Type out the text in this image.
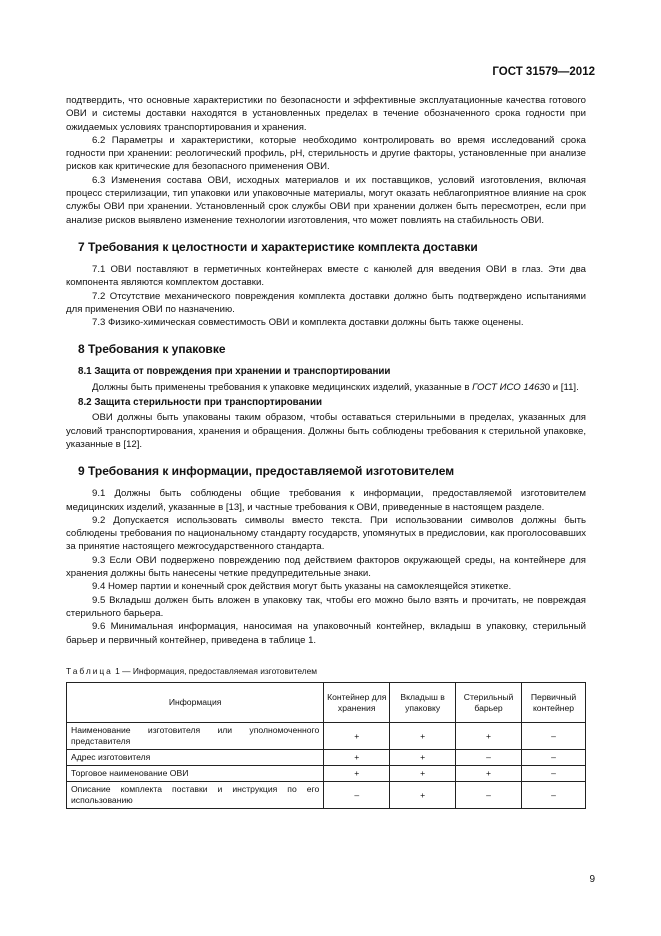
ГОСТ 31579—2012

подтвердить, что основные характеристики по безопасности и эффективные эксплуатационные качества готового ОВИ и системы доставки находятся в установленных пределах в течение обозначенного срока годности при ожидаемых условиях транспортирования и хранения.

6.2 Параметры и характеристики, которые необходимо контролировать во время исследований срока годности при хранении: реологический профиль, pH, стерильность и другие факторы, установленные при анализе рисков как критические для безопасного применения ОВИ.

6.3 Изменения состава ОВИ, исходных материалов и их поставщиков, условий изготовления, включая процесс стерилизации, тип упаковки или упаковочные материалы, могут оказать неблагоприятное влияние на срок службы ОВИ при хранении. Установленный срок службы ОВИ при хранении должен быть пересмотрен, если при анализе рисков выявлено изменение технологии изготовления, что может повлиять на стабильность ОВИ.

7 Требования к целостности и характеристике комплекта доставки

7.1 ОВИ поставляют в герметичных контейнерах вместе с канюлей для введения ОВИ в глаз. Эти два компонента являются комплектом доставки.

7.2 Отсутствие механического повреждения комплекта доставки должно быть подтверждено испытаниями для применения ОВИ по назначению.

7.3 Физико-химическая совместимость ОВИ и комплекта доставки должны быть также оценены.

8 Требования к упаковке
8.1 Защита от повреждения при хранении и транспортировании

Должны быть применены требования к упаковке медицинских изделий, указанные в ГОСТ ИСО 14630 и [11].

8.2 Защита стерильности при транспортировании

ОВИ должны быть упакованы таким образом, чтобы оставаться стерильными в пределах, указанных для условий транспортирования, хранения и обращения. Должны быть соблюдены требования к стерильной упаковке, указанные в [12].

9 Требования к информации, предоставляемой изготовителем

9.1 Должны быть соблюдены общие требования к информации, предоставляемой изготовителем медицинских изделий, указанные в [13], и частные требования к ОВИ, приведенные в настоящем разделе.

9.2 Допускается использовать символы вместо текста. При использовании символов должны быть соблюдены требования по национальному стандарту государств, упомянутых в предисловии, как проголосовавших за принятие настоящего межгосударственного стандарта.

9.3 Если ОВИ подвержено повреждению под действием факторов окружающей среды, на контейнере для хранения должны быть нанесены четкие предупредительные знаки.

9.4 Номер партии и конечный срок действия могут быть указаны на самоклеящейся этикетке.

9.5 Вкладыш должен быть вложен в упаковку так, чтобы его можно было взять и прочитать, не повреждая стерильного барьера.

9.6 Минимальная информация, наносимая на упаковочный контейнер, вкладыш в упаковку, стерильный барьер и первичный контейнер, приведена в таблице 1.

Таблица 1 — Информация, предоставляемая изготовителем
Информация	Контейнер для хранения	Вкладыш в упаковку	Стерильный барьер	Первичный контейнер
Наименование изготовителя или уполномоченного представителя	+	+	+	–
Адрес изготовителя	+	+	–	–
Торговое наименование ОВИ	+	+	+	–
Описание комплекта поставки и инструкция по его использованию	–	+	–	–
9
